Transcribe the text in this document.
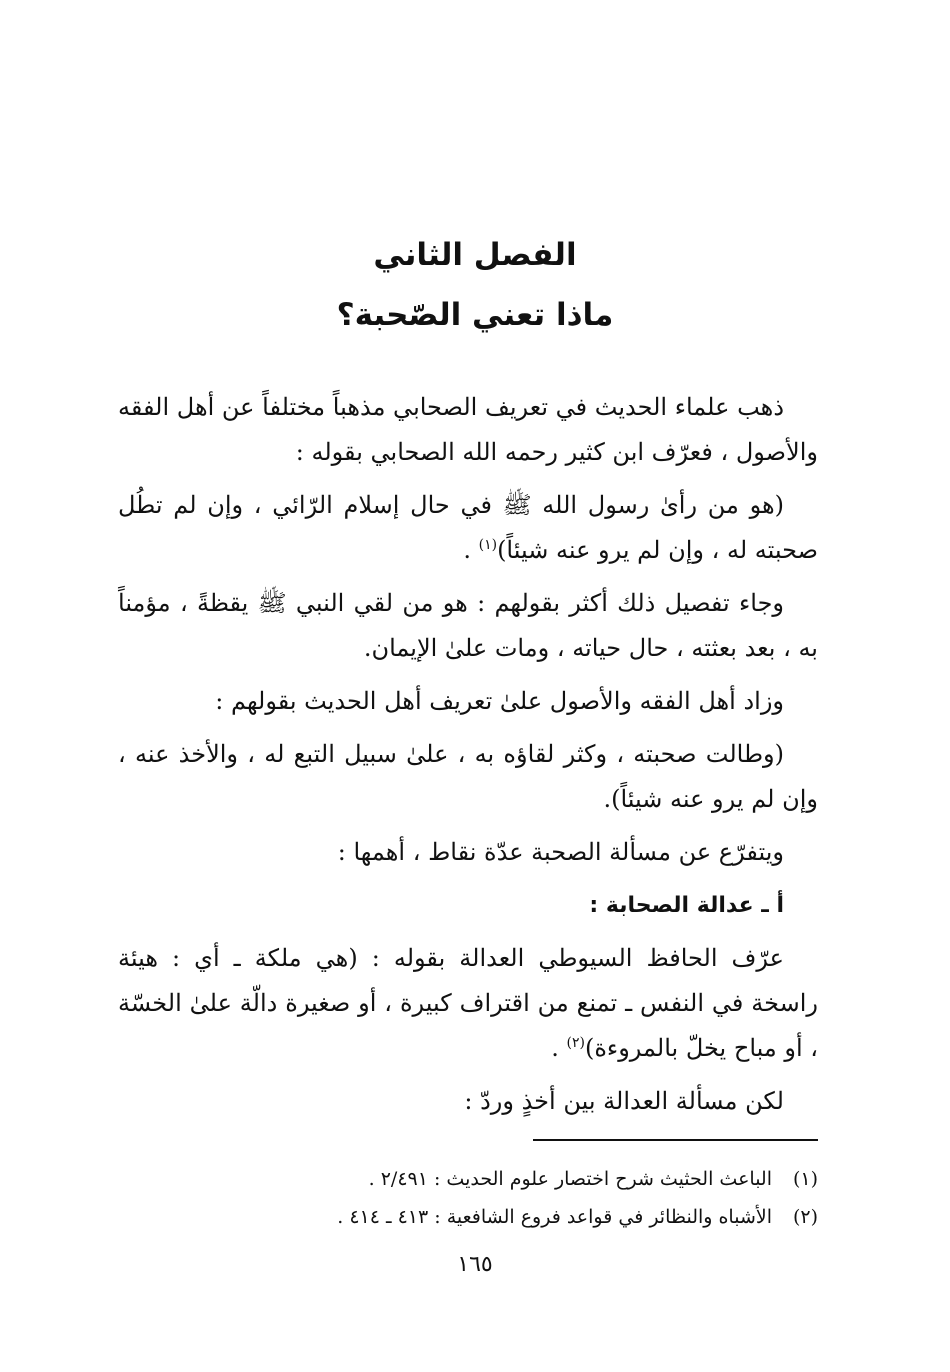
الفصل الثاني
ماذا تعني الصّحبة؟

ذهب علماء الحديث في تعريف الصحابي مذهباً مختلفاً عن أهل الفقه والأصول ، فعرّف ابن كثير رحمه الله الصحابي بقوله :

(هو من رأىٰ رسول الله ﷺ في حال إسلام الرّائي ، وإن لم تطُل صحبته له ، وإن لم يرو عنه شيئاً)$^{(١)}$ .

وجاء تفصيل ذلك أكثر بقولهم : هو من لقي النبي ﷺ يقظةً ، مؤمناً به ، بعد بعثته ، حال حياته ، ومات علىٰ الإيمان.

وزاد أهل الفقه والأصول علىٰ تعريف أهل الحديث بقولهم :

(وطالت صحبته ، وكثر لقاؤه به ، علىٰ سبيل التبع له ، والأخذ عنه ، وإن لم يرو عنه شيئاً).

ويتفرّع عن مسألة الصحبة عدّة نقاط ، أهمها :

أ ـ عدالة الصحابة :

عرّف الحافظ السيوطي العدالة بقوله : (هي ملكة ـ أي : هيئة راسخة في النفس ـ تمنع من اقتراف كبيرة ، أو صغيرة دالّة علىٰ الخسّة ، أو مباح يخلّ بالمروءة)$^{(٢)}$ .

لكن مسألة العدالة بين أخذٍ وردّ :

(١)
الباعث الحثيث شرح اختصار علوم الحديث : ٢/٤٩١ .
(٢)
الأشباه والنظائر في قواعد فروع الشافعية : ٤١٣ ـ ٤١٤ .
١٦٥
